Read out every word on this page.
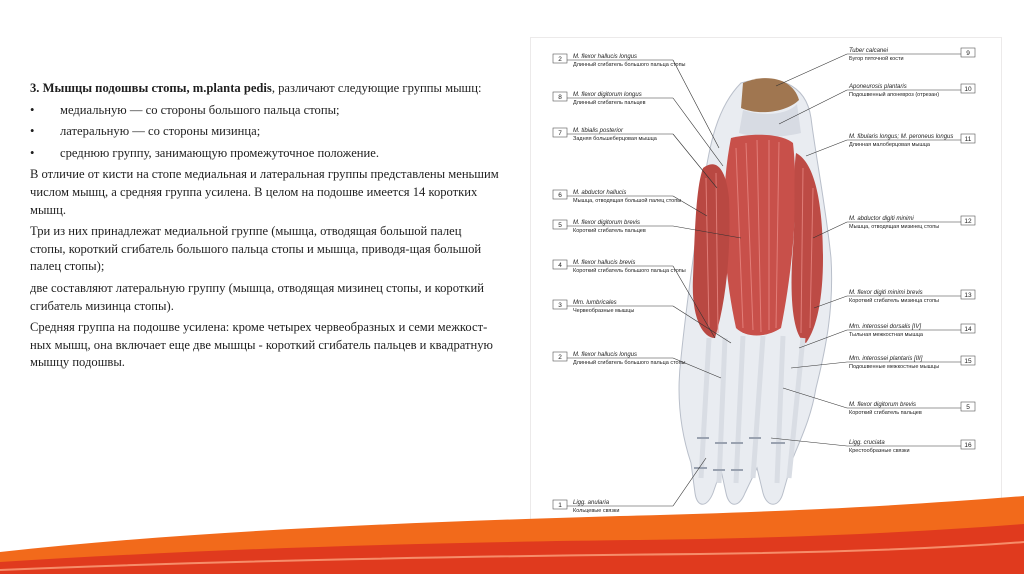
3. Мышцы подошвы стопы, m.planta pedis, различают следующие группы мышц:

•	медиальную — со стороны большого пальца стопы;
•	латеральную — со стороны мизинца;
•	среднюю группу, занимающую промежуточное положение.

В отличие от кисти на стопе медиальная и латеральная группы представлены меньшим числом мышц, а средняя группа усилена. В целом на подошве имеется 14 коротких мышц.

Три из них принадлежат медиальной группе (мышца, отводящая большой палец стопы, короткий сгибатель большого пальца стопы и мышца, приводя-щая большой палец стопы);

две составляют латеральную группу (мышца, отводящая мизинец стопы, и короткий сгибатель мизинца стопы).

Средняя группа на подошве усилена: кроме четырех червеобразных и семи межкост-ных мышц, она включает еще две мышцы - короткий сгибатель пальцев и квадратную мышцу подошвы.

2 M. flexor hallucis longus
Длинный сгибатель большого пальца стопы
8 M. flexor digitorum longus
Длинный сгибатель пальцев
7 M. tibialis posterior
Задняя большеберцовая мышца
6 M. abductor hallucis
Мышца, отводящая большой палец стопы
5 M. flexor digitorum brevis
Короткий сгибатель пальцев
4 M. flexor hallucis brevis
Короткий сгибатель большого пальца стопы
3 Mm. lumbricales
Червеобразные мышцы
2 M. flexor hallucis longus
Длинный сгибатель большого пальца стопы
1 Ligg. anularia
Кольцевые связки
9
Tuber calcanei
Бугор пяточной кости
10
Aponeurosis plantaris
Подошвенный апоневроз (отрезан)
11
M. fibularis longus; M. peroneus longus
Длинная малоберцовая мышца
12
M. abductor digiti minimi
Мышца, отводящая мизинец стопы
13
M. flexor digiti minimi brevis
Короткий сгибатель мизинца стопы
14
Mm. interossei dorsalis [IV]
Тыльная межкостная мышца
15
Mm. interossei plantaris [III]
Подошвенные межкостные мышцы
5
M. flexor digitorum brevis
Короткий сгибатель пальцев
16
Ligg. cruciata
Крестообразные связки
